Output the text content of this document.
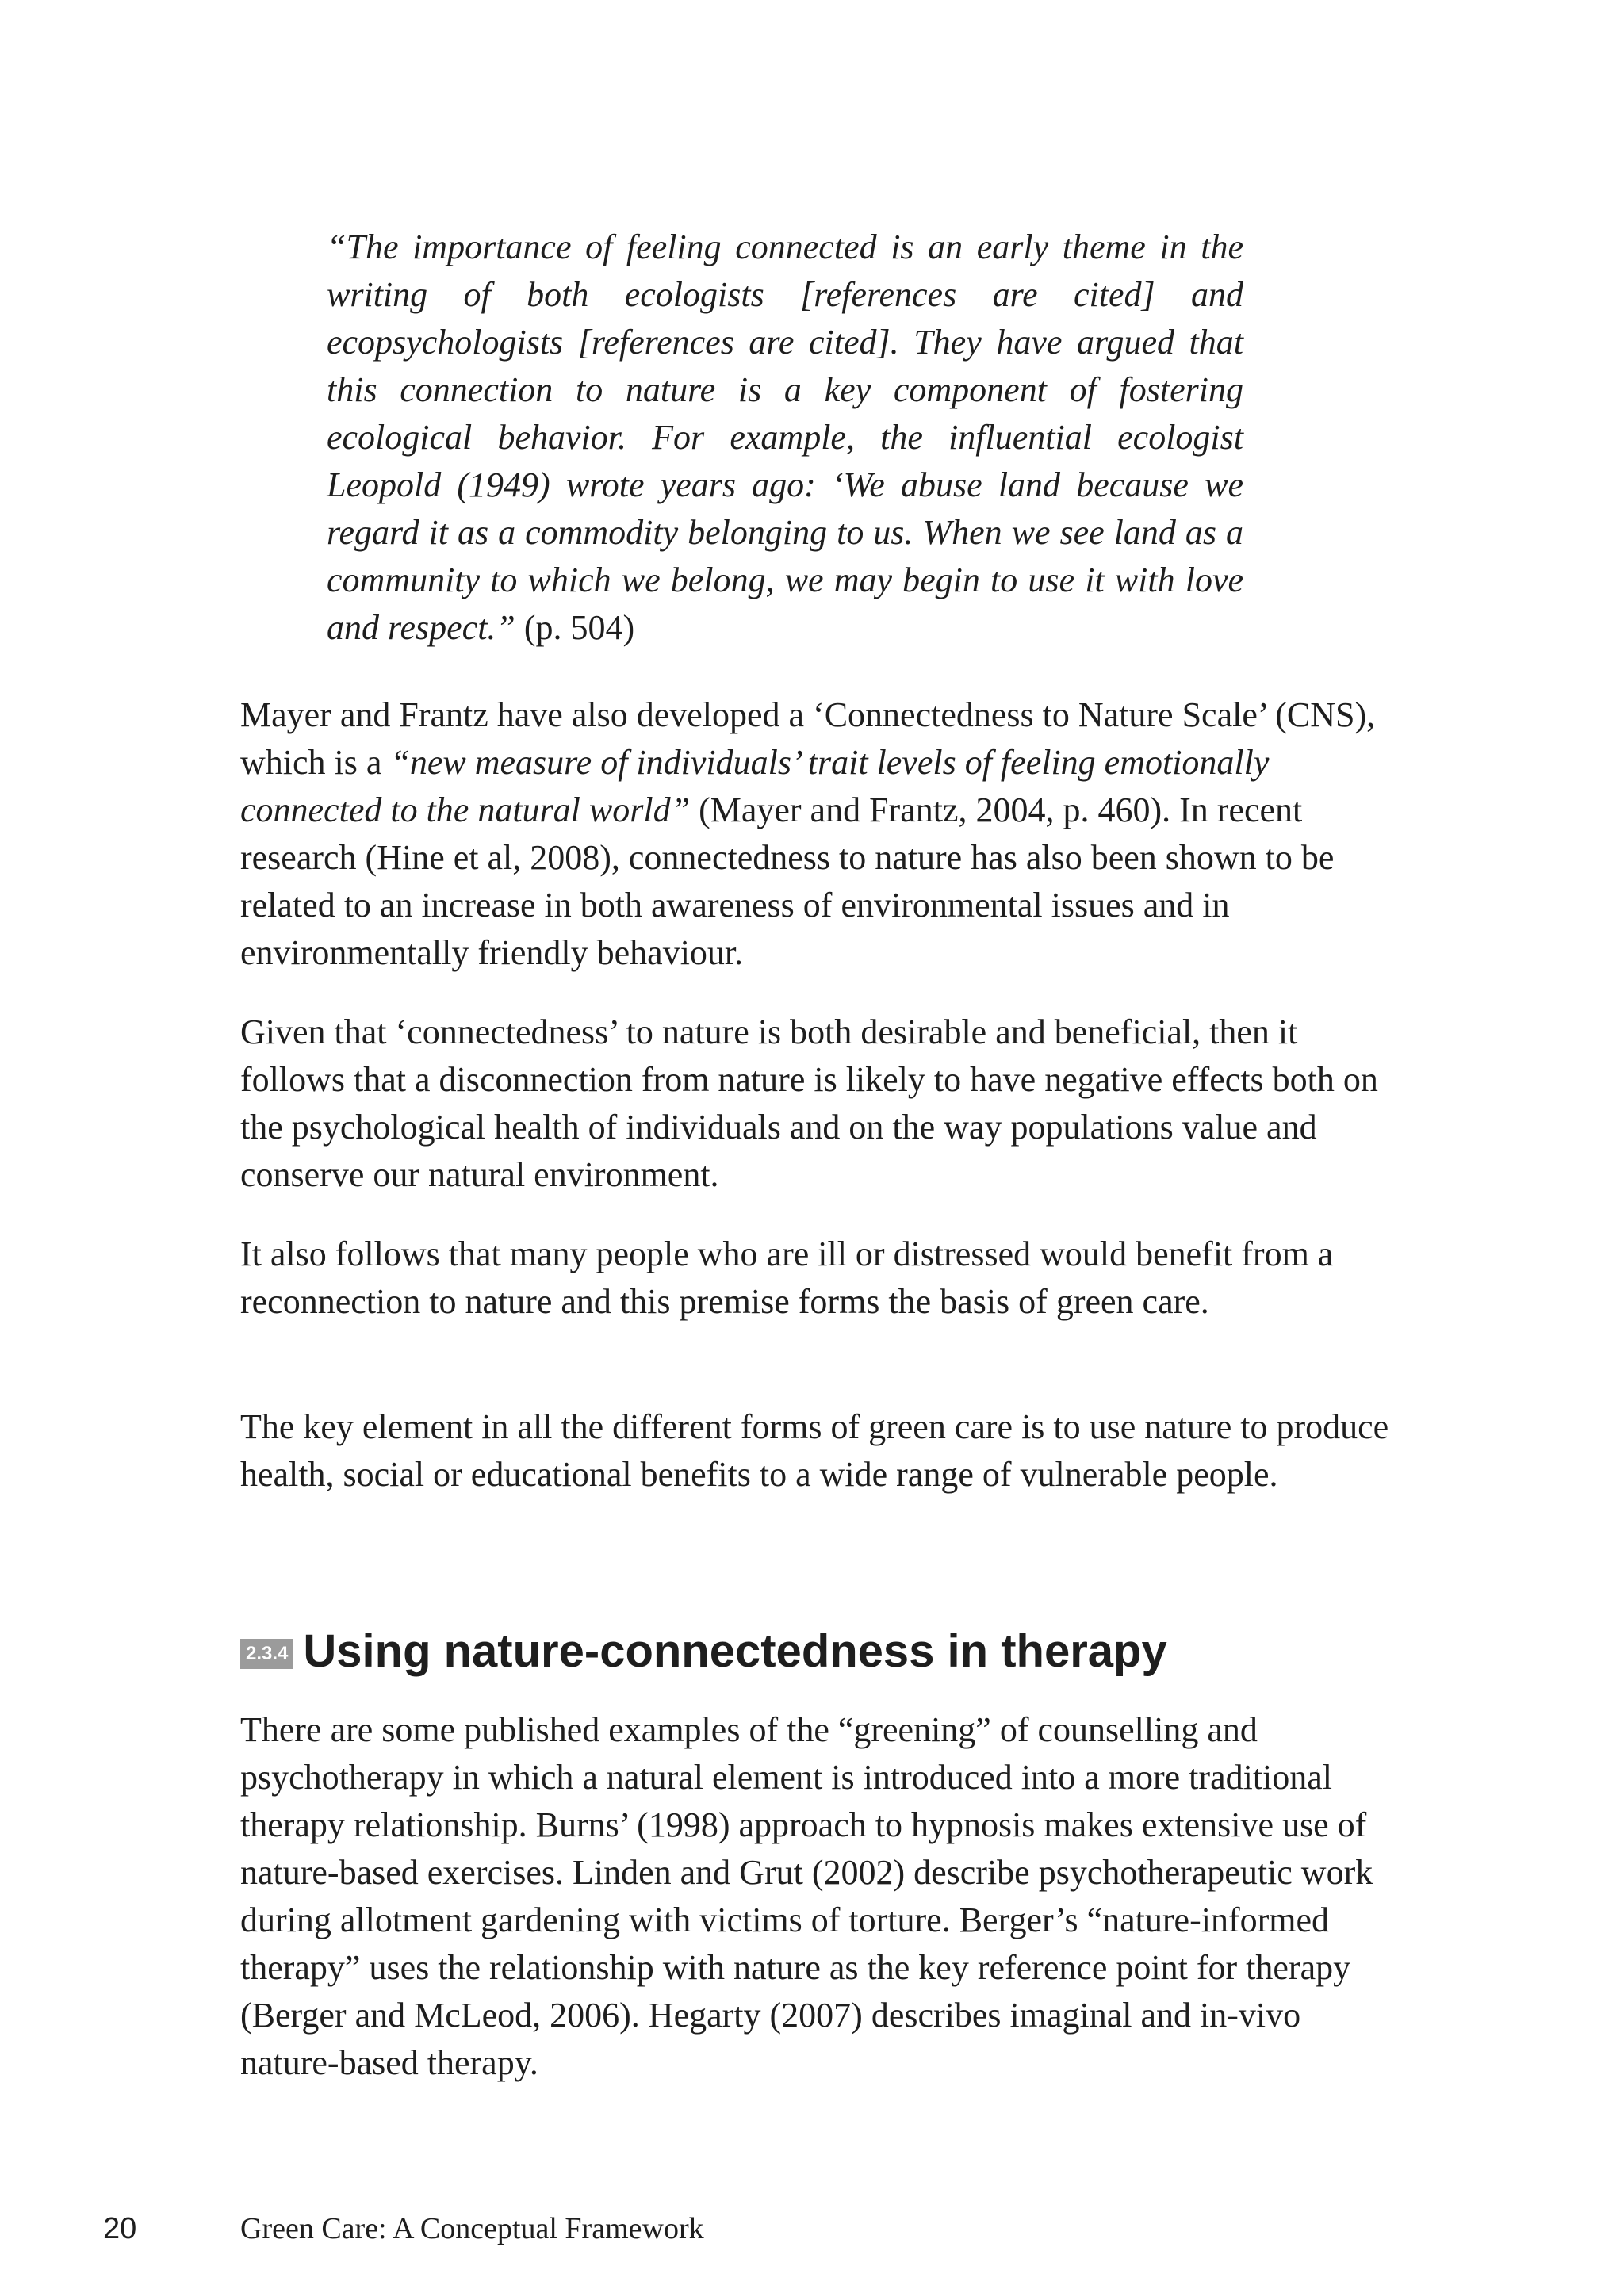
“The importance of feeling connected is an early theme in the writing of both ecologists [references are cited] and ecopsychologists [references are cited]. They have argued that this connection to nature is a key component of fostering ecological behavior. For example, the influential ecologist Leopold (1949) wrote years ago: ‘We abuse land because we regard it as a commodity belonging to us. When we see land as a community to which we belong, we may begin to use it with love and respect.” (p. 504)

Mayer and Frantz have also developed a ‘Connectedness to Nature Scale’ (CNS), which is a “new measure of individuals’ trait levels of feeling emotionally connected to the natural world” (Mayer and Frantz, 2004, p. 460). In recent research (Hine et al, 2008), connectedness to nature has also been shown to be related to an increase in both awareness of environmental issues and in environmentally friendly behaviour.

Given that ‘connectedness’ to nature is both desirable and beneficial, then it follows that a disconnection from nature is likely to have negative effects both on the psychological health of individuals and on the way populations value and conserve our natural environment.

It also follows that many people who are ill or distressed would benefit from a reconnection to nature and this premise forms the basis of green care.

The key element in all the different forms of green care is to use nature to produce health, social or educational benefits to a wide range of vulnerable people.

2.3.4 Using nature-connectedness in therapy

There are some published examples of the “greening” of counselling and psychotherapy in which a natural element is introduced into a more traditional therapy relationship. Burns’ (1998) approach to hypnosis makes extensive use of nature-based exercises. Linden and Grut (2002) describe psychotherapeutic work during allotment gardening with victims of torture. Berger’s “nature-informed therapy” uses the relationship with nature as the key reference point for therapy (Berger and McLeod, 2006). Hegarty (2007) describes imaginal and in-vivo nature-based therapy.

20	Green Care: A Conceptual Framework
